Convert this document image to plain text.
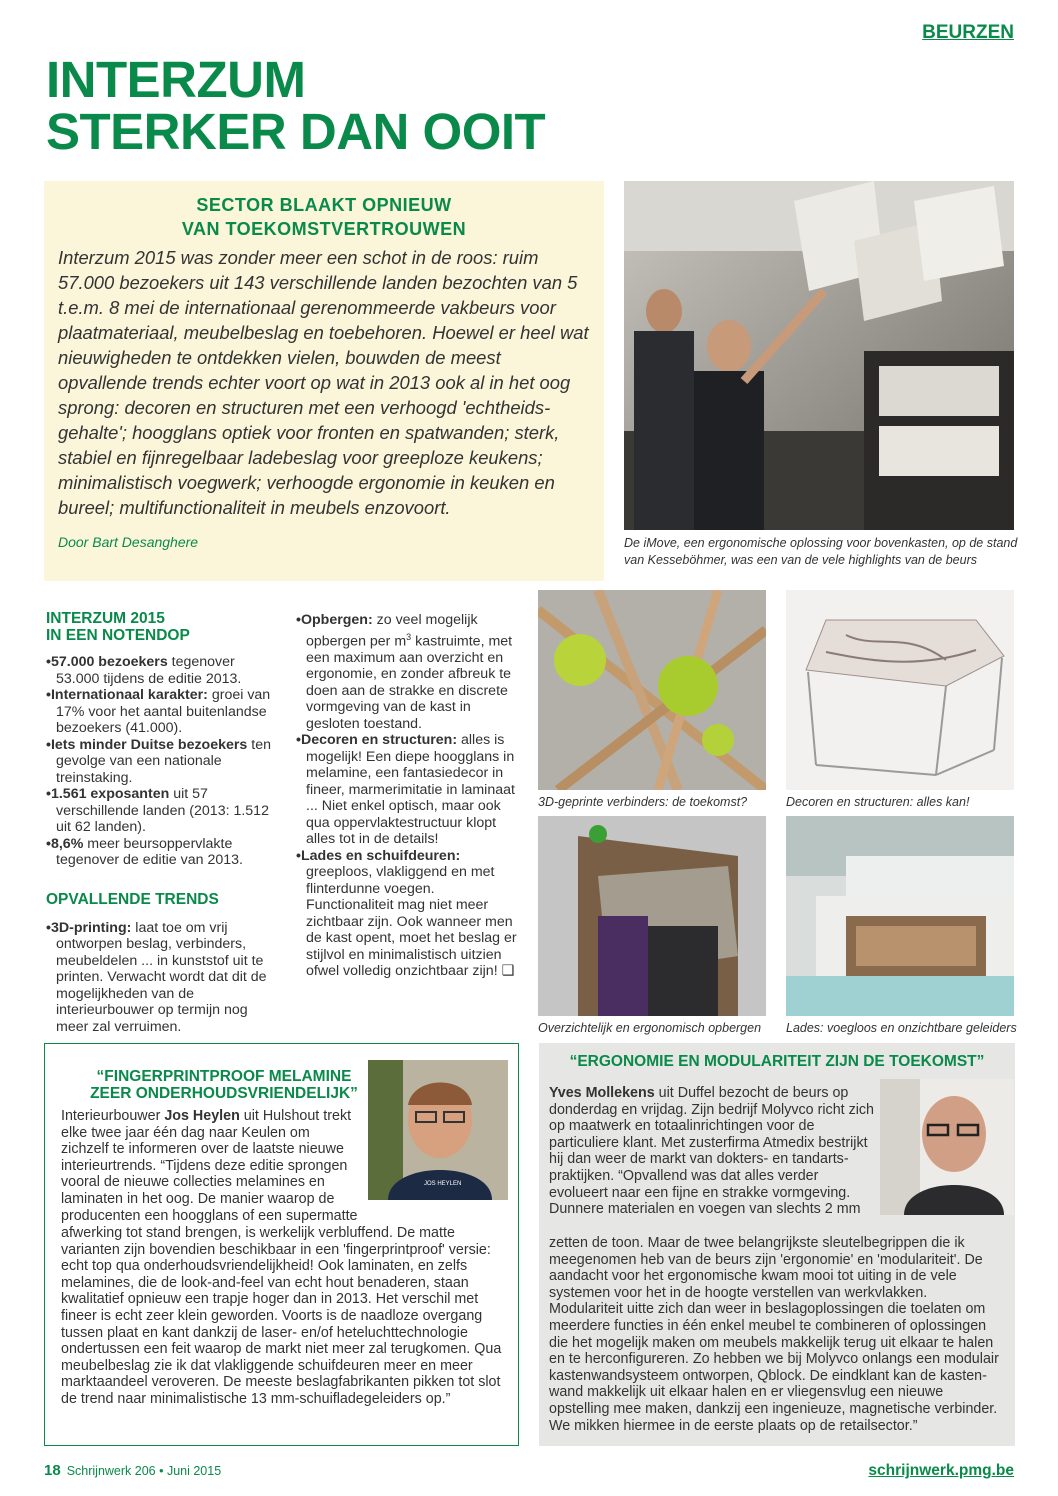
BEURZEN
INTERZUM
STERKER DAN OOIT
SECTOR BLAAKT OPNIEUW
VAN TOEKOMSTVERTROUWEN

Interzum 2015 was zonder meer een schot in de roos: ruim 57.000 bezoekers uit 143 verschillende landen bezochten van 5 t.e.m. 8 mei de internationaal gerenommeerde vakbeurs voor plaatmateriaal, meubelbeslag en toebehoren. Hoewel er heel wat nieuwigheden te ontdekken vielen, bouwden de meest opvallende trends echter voort op wat in 2013 ook al in het oog sprong: decoren en structuren met een verhoogd 'echtheidsgehalte'; hoogglans optiek voor fronten en spatwanden; sterk, stabiel en fijnregelbaar ladebeslag voor greeploze keukens; minimalistisch voegwerk; verhoogde ergonomie in keuken en bureel; multifunctionaliteit in meubels enzovoort.

Door Bart Desanghere	De iMove, een ergonomische oplossing voor bovenkasten, op de stand van Kesseböhmer, was een van de vele highlights van de beurs
INTERZUM 2015
IN EEN NOTENDOP
•57.000 bezoekers tegenover 53.000 tijdens de editie 2013.
•Internationaal karakter: groei van 17% voor het aantal buitenlandse bezoekers (41.000).
•Iets minder Duitse bezoekers ten gevolge van een nationale treinstaking.
•1.561 exposanten uit 57 verschillende landen (2013: 1.512 uit 62 landen).
•8,6% meer beursoppervlakte tegenover de editie van 2013.
OPVALLENDE TRENDS
•3D-printing: laat toe om vrij ontworpen beslag, verbinders, meubeldelen ... in kunststof uit te printen. Verwacht wordt dat dit de mogelijkheden van de interieurbouwer op termijn nog meer zal verruimen.
•Opbergen: zo veel mogelijk opbergen per $m^3$ kastruimte, met een maximum aan overzicht en ergonomie, en zonder afbreuk te doen aan de strakke en discrete vormgeving van de kast in gesloten toestand.
•Decoren en structuren: alles is mogelijk! Een diepe hoogglans in melamine, een fantasiedecor in fineer, marmerimitatie in laminaat ... Niet enkel optisch, maar ook qua oppervlaktestructuur klopt alles tot in de details!
•Lades en schuifdeuren: greeploos, vlakliggend en met flinterdunne voegen. Functionaliteit mag niet meer zichtbaar zijn. Ook wanneer men de kast opent, moet het beslag er stijlvol en minimalistisch uitzien ofwel volledig onzichtbaar zijn! ❑
3D-geprinte verbinders: de toekomst?	Decoren en structuren: alles kan!
Overzichtelijk en ergonomisch opbergen	Lades: voegloos en onzichtbare geleiders
“FINGERPRINTPROOF MELAMINE
ZEER ONDERHOUDSVRIENDELIJK”
JOS HEYLEN

Interieurbouwer Jos Heylen uit Hulshout trekt elke twee jaar één dag naar Keulen om zichzelf te informeren over de laatste nieuwe interieurtrends. “Tijdens deze editie sprongen vooral de nieuwe collecties melamines en laminaten in het oog. De manier waarop de producenten een hoogglans of een supermatte

afwerking tot stand brengen, is werkelijk verbluffend. De matte varianten zijn bovendien beschikbaar in een 'fingerprintproof' versie: echt top qua onderhoudsvriendelijkheid! Ook laminaten, en zelfs melamines, die de look-and-feel van echt hout benaderen, staan kwalitatief opnieuw een trapje hoger dan in 2013. Het verschil met fineer is echt zeer klein geworden. Voorts is de naadloze overgang tussen plaat en kant dankzij de laser- en/of heteluchttechnologie ondertussen een feit waarop de markt niet meer zal terugkomen. Qua meubelbeslag zie ik dat vlakliggende schuifdeuren meer en meer marktaandeel veroveren. De meeste beslagfabrikanten pikken tot slot de trend naar minimalistische 13 mm-schuifladegeleiders op.”

“ERGONOMIE EN MODULARITEIT ZIJN DE TOEKOMST”

Yves Mollekens uit Duffel bezocht de beurs op donderdag en vrijdag. Zijn bedrijf Molyvco richt zich op maatwerk en totaalinrichtingen voor de particuliere klant. Met zusterfirma Atmedix bestrijkt hij dan weer de markt van dokters- en tandartspraktijken. “Opvallend was dat alles verder evolueert naar een fijne en strakke vormgeving. Dunnere materialen en voegen van slechts 2 mm

zetten de toon. Maar de twee belangrijkste sleutelbegrippen die ik meegenomen heb van de beurs zijn 'ergonomie' en 'modulariteit'. De aandacht voor het ergonomische kwam mooi tot uiting in de vele systemen voor het in de hoogte verstellen van werkvlakken. Modulariteit uitte zich dan weer in beslagoplossingen die toelaten om meerdere functies in één enkel meubel te combineren of oplossingen die het mogelijk maken om meubels makkelijk terug uit elkaar te halen en te herconfigureren. Zo hebben we bij Molyvco onlangs een modulair kastenwandsysteem ontworpen, Qblock. De eindklant kan de kastenwand makkelijk uit elkaar halen en er vliegensvlug een nieuwe opstelling mee maken, dankzij een ingenieuze, magnetische verbinder. We mikken hiermee in de eerste plaats op de retailsector.”

18 Schrijnwerk 206 • Juni 2015	schrijnwerk.pmg.be
